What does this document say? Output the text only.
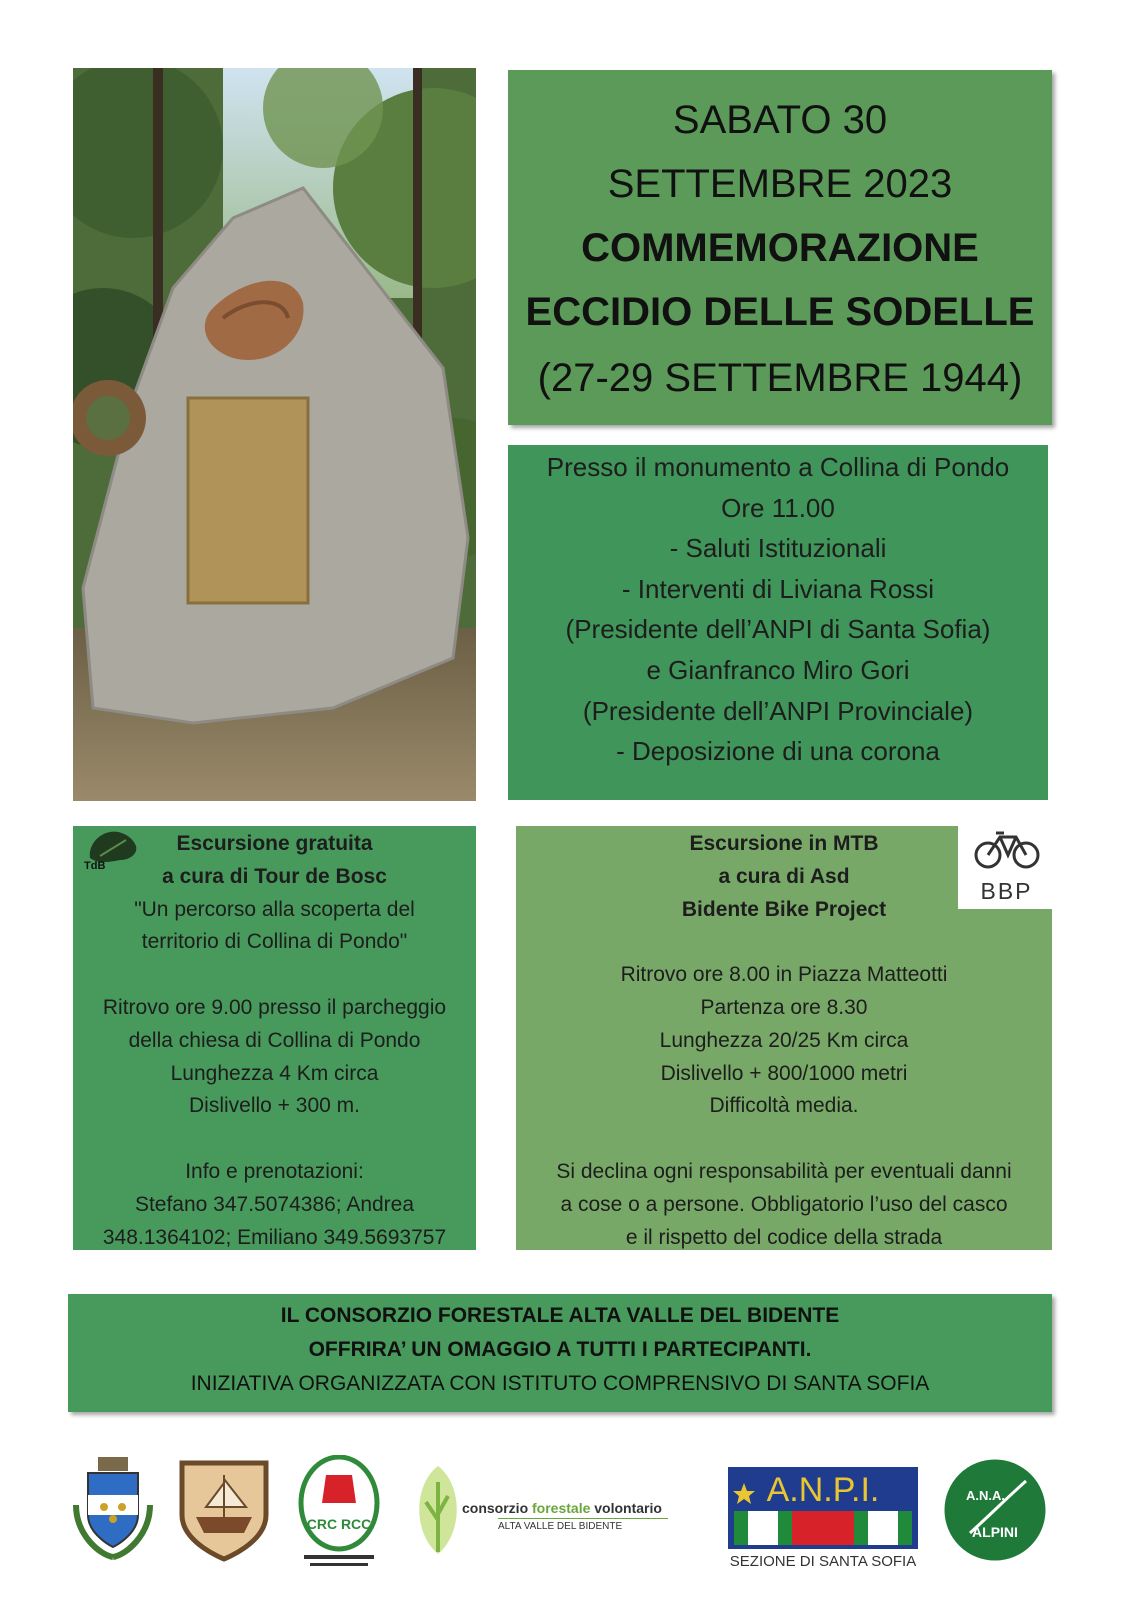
SABATO 30
SETTEMBRE 2023
COMMEMORAZIONE
ECCIDIO DELLE SODELLE
(27-29 SETTEMBRE 1944)
Presso il monumento a Collina di Pondo
Ore 11.00
- Saluti Istituzionali
- Interventi di Liviana Rossi
(Presidente dell’ANPI di Santa Sofia)
e Gianfranco Miro Gori
(Presidente dell’ANPI Provinciale)
- Deposizione di una corona
Escursione gratuita
a cura di Tour de Bosc
"Un percorso alla scoperta del
territorio di Collina di Pondo"
Ritrovo ore 9.00 presso il parcheggio
della chiesa di Collina di Pondo
Lunghezza 4 Km circa
Dislivello + 300 m.
Info e prenotazioni:
Stefano 347.5074386; Andrea
348.1364102; Emiliano 349.5693757
TdB
Escursione in MTB
a cura di Asd
Bidente Bike Project
Ritrovo ore 8.00 in Piazza Matteotti
Partenza ore 8.30
Lunghezza 20/25 Km circa
Dislivello + 800/1000 metri
Difficoltà media.
Si declina ogni responsabilità per eventuali danni
a cose o a persone. Obbligatorio l’uso del casco
e il rispetto del codice della strada
BBP
IL CONSORZIO FORESTALE ALTA VALLE DEL BIDENTE
OFFRIRA’ UN OMAGGIO A TUTTI I PARTECIPANTI.
INIZIATIVA ORGANIZZATA CON ISTITUTO COMPRENSIVO DI SANTA SOFIA
CRC RCC
consorzio forestale volontario
ALTA VALLE DEL BIDENTE
A.N.P.I.
SEZIONE DI SANTA SOFIA
A.N.A.
ALPINI
